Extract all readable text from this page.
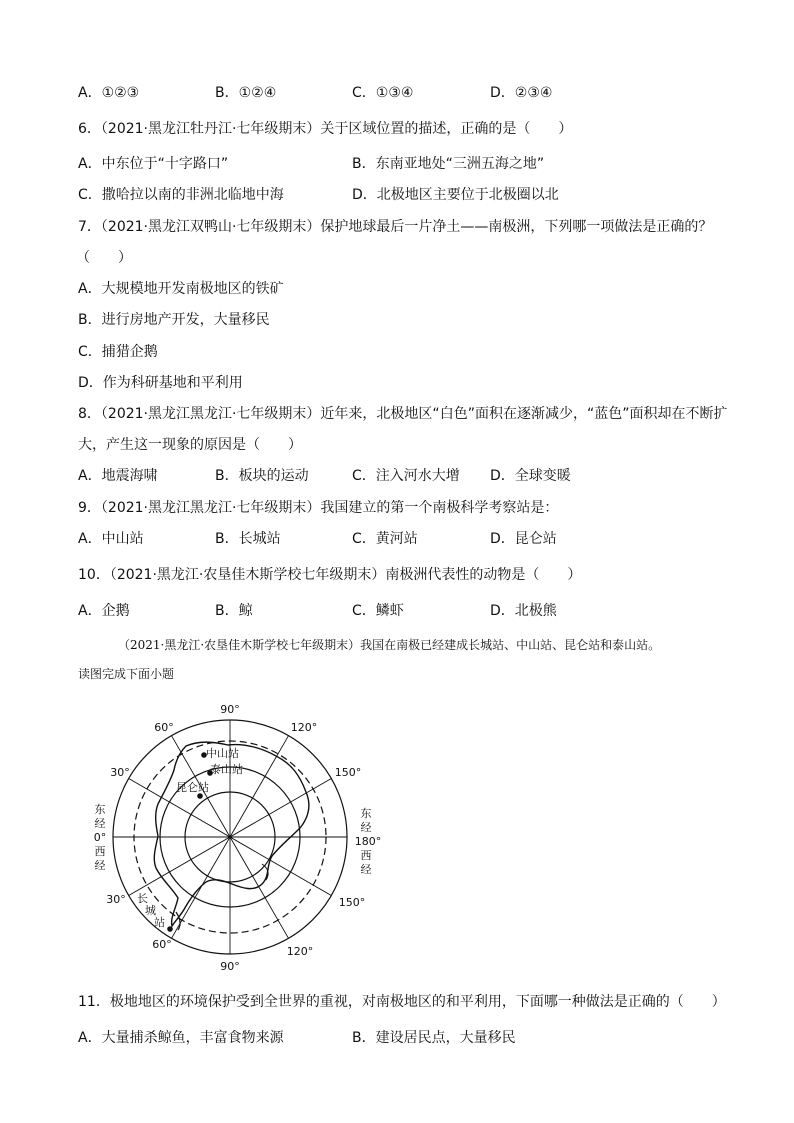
A．①②③	B．①②④	C．①③④	D．②③④
6．（2021·黑龙江牡丹江·七年级期末）关于区域位置的描述，正确的是（　　）
A．中东位于“十字路口”	B．东南亚地处“三洲五海之地”
C．撒哈拉以南的非洲北临地中海	D．北极地区主要位于北极圈以北
7．（2021·黑龙江双鸭山·七年级期末）保护地球最后一片净土——南极洲，下列哪一项做法是正确的？
（　　）
A．大规模地开发南极地区的铁矿
B．进行房地产开发，大量移民
C．捕猎企鹅
D．作为科研基地和平利用
8．（2021·黑龙江黑龙江·七年级期末）近年来，北极地区“白色”面积在逐渐减少，“蓝色”面积却在不断扩
大，产生这一现象的原因是（　　）
A．地震海啸	B．板块的运动	C．注入河水大增 D．全球变暖
9．（2021·黑龙江黑龙江·七年级期末）我国建立的第一个南极科学考察站是：
A．中山站	B．长城站	C．黄河站	D．昆仑站
10．（2021·黑龙江·农垦佳木斯学校七年级期末）南极洲代表性的动物是（　　）
A．企鹅	B．鲸	C．鳞虾	D．北极熊
（2021·黑龙江·农垦佳木斯学校七年级期末）我国在南极已经建成长城站、中山站、昆仑站和泰山站。
读图完成下面小题
90°
60°	120°
30°	150°
30°	150°
60°
120°
90°
东
经
0°
西
经
东
经
180°
西
经
中山站
泰山站
昆仑站
长
城
站
11．极地地区的环境保护受到全世界的重视，对南极地区的和平利用，下面哪一种做法是正确的（　　）
A．大量捕杀鲸鱼，丰富食物来源	B．建设居民点，大量移民
